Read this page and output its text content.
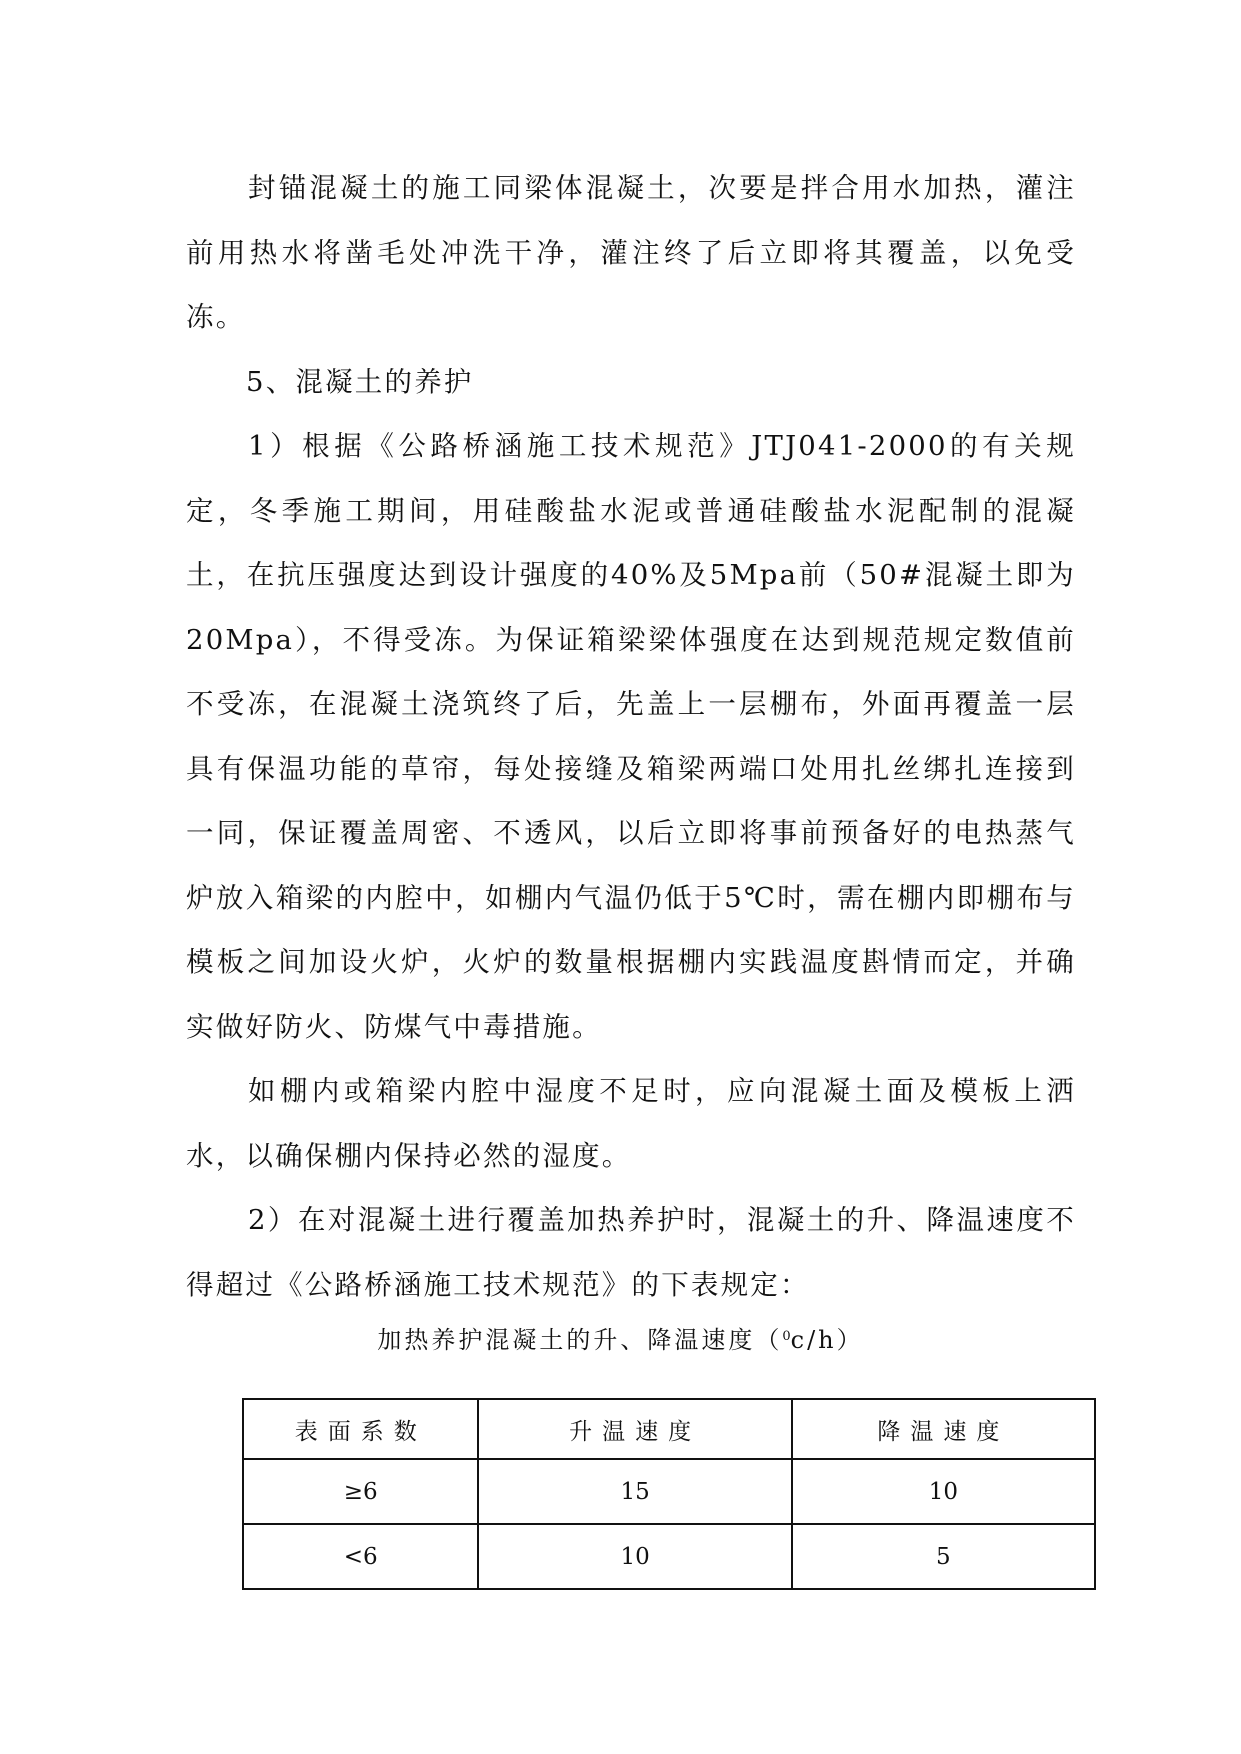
封锚混凝土的施工同梁体混凝土，次要是拌合用水加热，灌注前用热水将凿毛处冲洗干净，灌注终了后立即将其覆盖，以免受冻。

5、混凝土的养护

1）根据《公路桥涵施工技术规范》JTJ041-2000的有关规定，冬季施工期间，用硅酸盐水泥或普通硅酸盐水泥配制的混凝土，在抗压强度达到设计强度的40%及5Mpa前（50#混凝土即为20Mpa），不得受冻。为保证箱梁梁体强度在达到规范规定数值前不受冻，在混凝土浇筑终了后，先盖上一层棚布，外面再覆盖一层具有保温功能的草帘，每处接缝及箱梁两端口处用扎丝绑扎连接到一同，保证覆盖周密、不透风，以后立即将事前预备好的电热蒸气炉放入箱梁的内腔中，如棚内气温仍低于5℃时，需在棚内即棚布与模板之间加设火炉，火炉的数量根据棚内实践温度斟情而定，并确实做好防火、防煤气中毒措施。

如棚内或箱梁内腔中湿度不足时，应向混凝土面及模板上洒水，以确保棚内保持必然的湿度。

2）在对混凝土进行覆盖加热养护时，混凝土的升、降温速度不得超过《公路桥涵施工技术规范》的下表规定：

加热养护混凝土的升、降温速度（$^0$c/h）
表面系数	升温速度	降温速度
≥6	15	10
<6	10	5
